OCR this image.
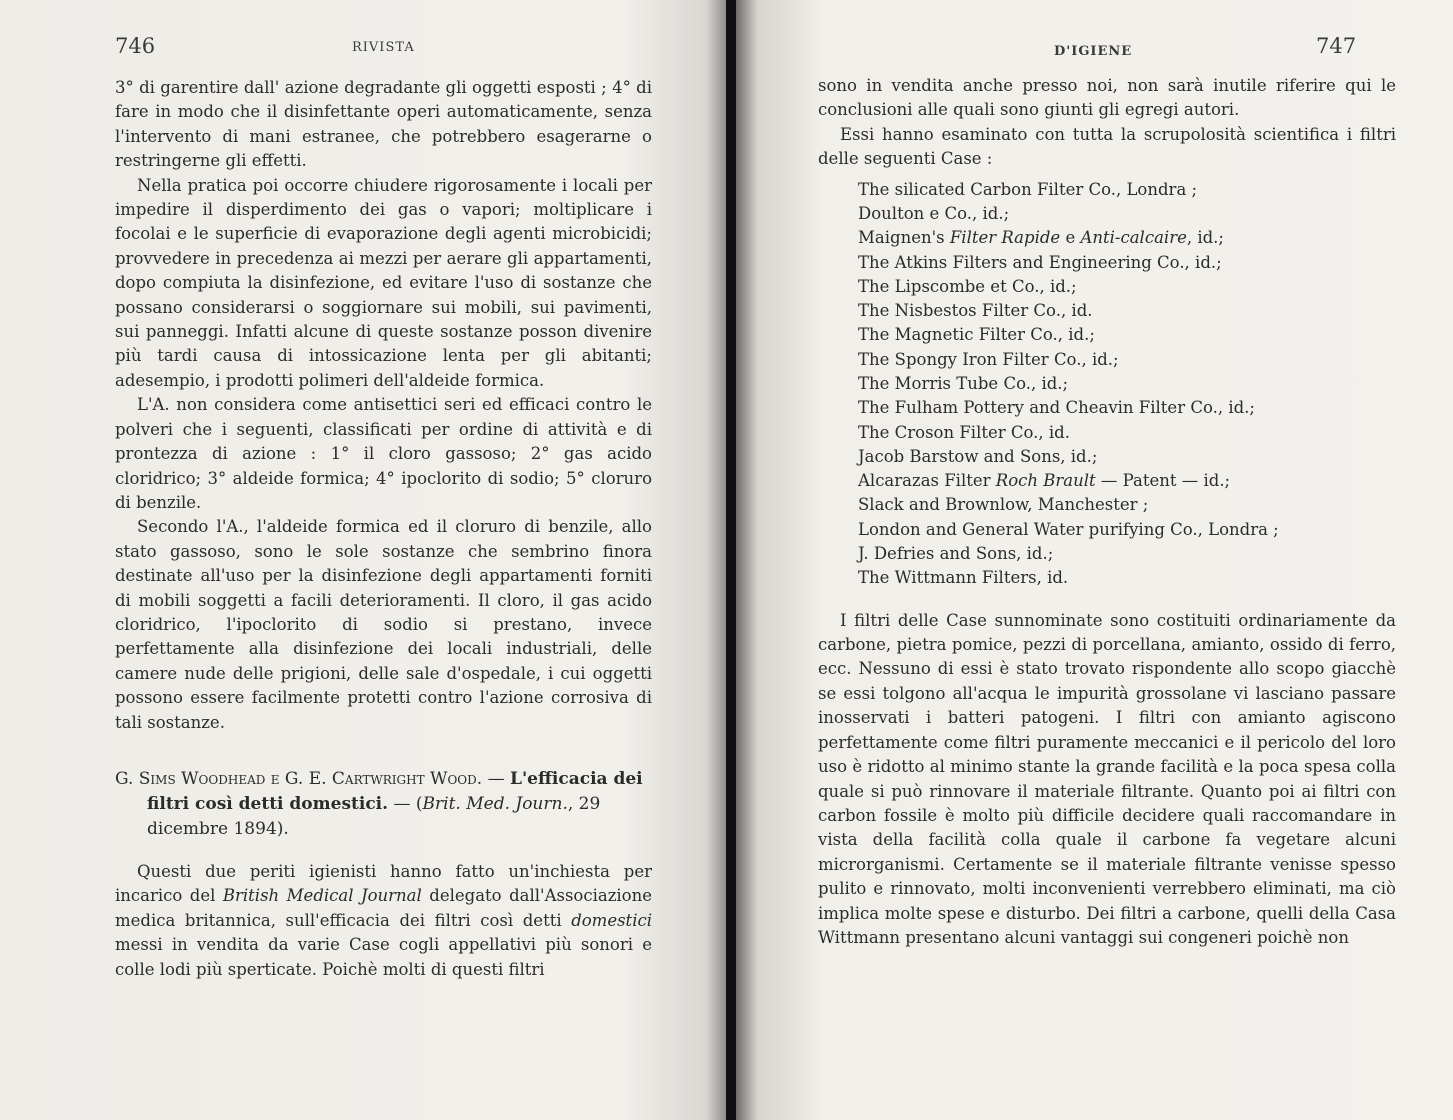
746	RIVISTA

3° di garentire dall' azione degradante gli oggetti esposti ; 4° di fare in modo che il disinfettante operi automaticamente, senza l'intervento di mani estranee, che potrebbero esagerarne o restringerne gli effetti.

Nella pratica poi occorre chiudere rigorosamente i locali per impedire il disperdimento dei gas o vapori; moltiplicare i focolai e le superficie di evaporazione degli agenti microbicidi; provvedere in precedenza ai mezzi per aerare gli appartamenti, dopo compiuta la disinfezione, ed evitare l'uso di sostanze che possano considerarsi o soggiornare sui mobili, sui pavimenti, sui panneggi. Infatti alcune di queste sostanze posson divenire più tardi causa di intossicazione lenta per gli abitanti; adesempio, i prodotti polimeri dell'aldeide formica.

L'A. non considera come antisettici seri ed efficaci contro le polveri che i seguenti, classificati per ordine di attività e di prontezza di azione : 1° il cloro gassoso; 2° gas acido cloridrico; 3° aldeide formica; 4° ipoclorito di sodio; 5° cloruro di benzile.

Secondo l'A., l'aldeide formica ed il cloruro di benzile, allo stato gassoso, sono le sole sostanze che sembrino finora destinate all'uso per la disinfezione degli appartamenti forniti di mobili soggetti a facili deterioramenti. Il cloro, il gas acido cloridrico, l'ipoclorito di sodio si prestano, invece perfettamente alla disinfezione dei locali industriali, delle camere nude delle prigioni, delle sale d'ospedale, i cui oggetti possono essere facilmente protetti contro l'azione corrosiva di tali sostanze.

G. Sims Woodhead e G. E. Cartwright Wood. — L'efficacia dei filtri così detti domestici. — (Brit. Med. Journ., 29 dicembre 1894).

Questi due periti igienisti hanno fatto un'inchiesta per incarico del British Medical Journal delegato dall'Associazione medica britannica, sull'efficacia dei filtri così detti domestici messi in vendita da varie Case cogli appellativi più sonori e colle lodi più sperticate. Poichè molti di questi filtri

D'IGIENE	747

sono in vendita anche presso noi, non sarà inutile riferire qui le conclusioni alle quali sono giunti gli egregi autori.

Essi hanno esaminato con tutta la scrupolosità scientifica i filtri delle seguenti Case :

The silicated Carbon Filter Co., Londra ;
Doulton e Co., id.;
Maignen's Filter Rapide e Anti-calcaire, id.;
The Atkins Filters and Engineering Co., id.;
The Lipscombe et Co., id.;
The Nisbestos Filter Co., id.
The Magnetic Filter Co., id.;
The Spongy Iron Filter Co., id.;
The Morris Tube Co., id.;
The Fulham Pottery and Cheavin Filter Co., id.;
The Croson Filter Co., id.
Jacob Barstow and Sons, id.;
Alcarazas Filter Roch Brault — Patent — id.;
Slack and Brownlow, Manchester ;
London and General Water purifying Co., Londra ;
J. Defries and Sons, id.;
The Wittmann Filters, id.

I filtri delle Case sunnominate sono costituiti ordinariamente da carbone, pietra pomice, pezzi di porcellana, amianto, ossido di ferro, ecc. Nessuno di essi è stato trovato rispondente allo scopo giacchè se essi tolgono all'acqua le impurità grossolane vi lasciano passare inosservati i batteri patogeni. I filtri con amianto agiscono perfettamente come filtri puramente meccanici e il pericolo del loro uso è ridotto al minimo stante la grande facilità e la poca spesa colla quale si può rinnovare il materiale filtrante. Quanto poi ai filtri con carbon fossile è molto più difficile decidere quali raccomandare in vista della facilità colla quale il carbone fa vegetare alcuni microrganismi. Certamente se il materiale filtrante venisse spesso pulito e rinnovato, molti inconvenienti verrebbero eliminati, ma ciò implica molte spese e disturbo. Dei filtri a carbone, quelli della Casa Wittmann presentano alcuni vantaggi sui congeneri poichè non
